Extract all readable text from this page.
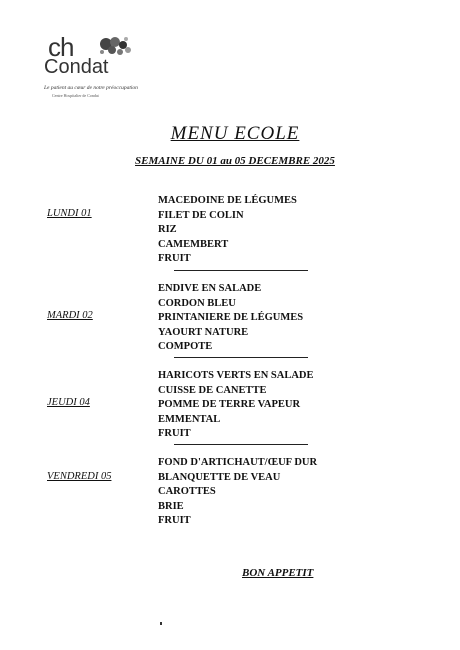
ch
Condat
Le patient au cœur de notre préoccupation
Centre Hospitalier de Condat
MENU ECOLE
SEMAINE DU 01 au 05 DECEMBRE 2025
LUNDI 01
MACEDOINE DE LÉGUMES
FILET DE COLIN
RIZ
CAMEMBERT
FRUIT
MARDI 02
ENDIVE EN SALADE
CORDON BLEU
PRINTANIERE DE LÉGUMES
YAOURT NATURE
COMPOTE
JEUDI 04
HARICOTS VERTS EN SALADE
CUISSE DE CANETTE
POMME DE TERRE VAPEUR
EMMENTAL
FRUIT
VENDREDI 05
FOND D'ARTICHAUT/ŒUF DUR
BLANQUETTE DE VEAU
CAROTTES
BRIE
FRUIT
BON APPETIT
